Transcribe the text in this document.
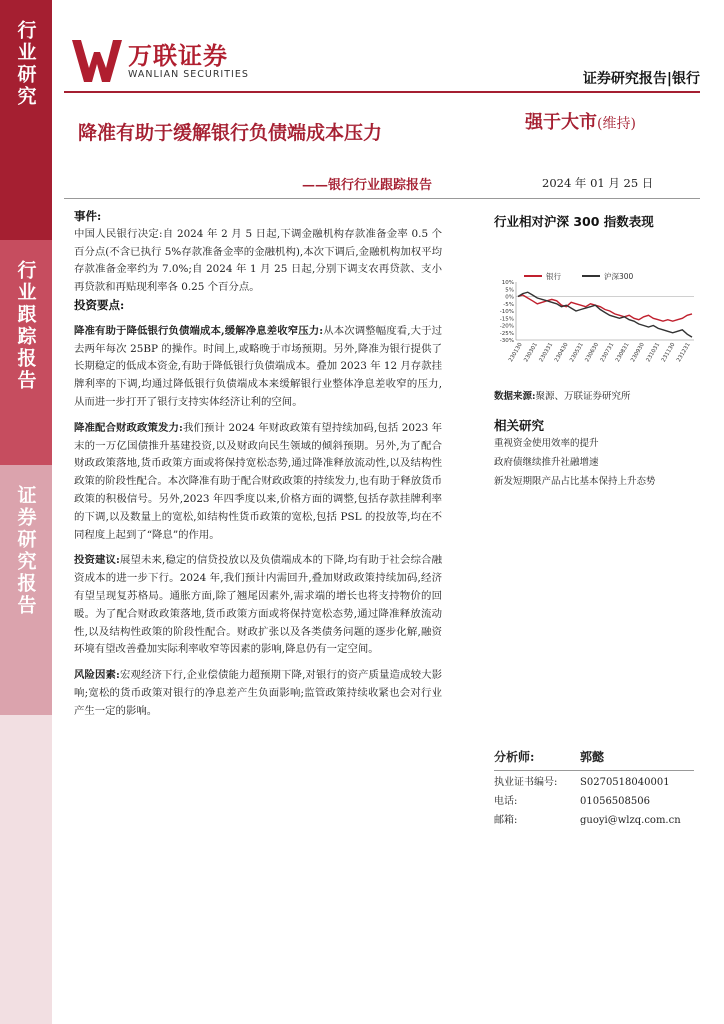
行业研究
行业跟踪报告
证券研究报告
万联证券
WANLIAN SECURITIES	证券研究报告|银行
降准有助于缓解银行负债端成本压力
——银行行业跟踪报告
强于大市(维持)
2024 年 01 月 25 日

事件:

中国人民银行决定:自 2024 年 2 月 5 日起,下调金融机构存款准备金率 0.5 个百分点(不含已执行 5%存款准备金率的金融机构),本次下调后,金融机构加权平均存款准备金率约为 7.0%;自 2024 年 1 月 25 日起,分别下调支农再贷款、支小再贷款和再贴现利率各 0.25 个百分点。

投资要点:

降准有助于降低银行负债端成本,缓解净息差收窄压力:从本次调整幅度看,大于过去两年每次 25BP 的操作。时间上,或略晚于市场预期。另外,降准为银行提供了长期稳定的低成本资金,有助于降低银行负债端成本。叠加 2023 年 12 月存款挂牌利率的下调,均通过降低银行负债端成本来缓解银行业整体净息差收窄的压力,从而进一步打开了银行支持实体经济让利的空间。

降准配合财政政策发力:我们预计 2024 年财政政策有望持续加码,包括 2023 年末的一万亿国债推升基建投资,以及财政向民生领域的倾斜预期。另外,为了配合财政政策落地,货币政策方面或将保持宽松态势,通过降准释放流动性,以及结构性政策的阶段性配合。本次降准有助于配合财政政策的持续发力,也有助于释放货币政策的积极信号。另外,2023 年四季度以来,价格方面的调整,包括存款挂牌利率的下调,以及数量上的宽松,如结构性货币政策的宽松,包括 PSL 的投放等,均在不同程度上起到了“降息”的作用。

投资建议:展望未来,稳定的信贷投放以及负债端成本的下降,均有助于社会综合融资成本的进一步下行。2024 年,我们预计内需回升,叠加财政政策持续加码,经济有望呈现复苏格局。通胀方面,除了翘尾因素外,需求端的增长也将支持物价的回暖。为了配合财政政策落地,货币政策方面或将保持宽松态势,通过降准释放流动性,以及结构性政策的阶段性配合。财政扩张以及各类债务问题的逐步化解,融资环境有望改善叠加实际利率收窄等因素的影响,降息仍有一定空间。

风险因素:宏观经济下行,企业偿债能力超预期下降,对银行的资产质量造成较大影响;宽松的货币政策对银行的净息差产生负面影响;监管政策持续收紧也会对行业产生一定的影响。

行业相对沪深 300 指数表现
银行	沪深300
10%
5%
0%
-5%
-10%
-15%
-20%
-25%
-30%
230130 230301 230331 230430 230531 230630 230731 230831 230930 231031 231130 231231
数据来源:聚源、万联证券研究所
相关研究
重视资金使用效率的提升
政府债继续推升社融增速
新发短期限产品占比基本保持上升态势
分析师:	郭懿
执业证书编号:	S0270518040001
电话:	01056508506
邮箱:	guoyi@wlzq.com.cn
